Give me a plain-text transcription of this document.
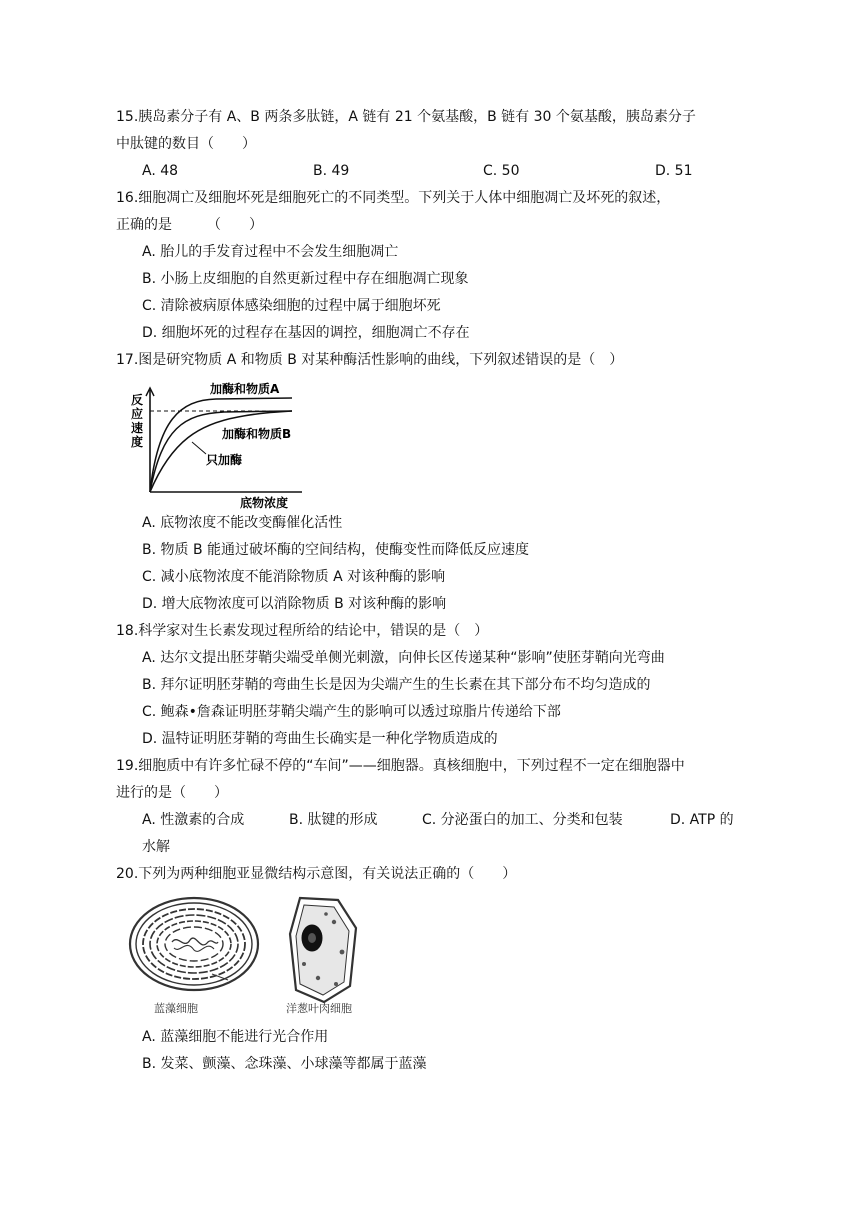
15.胰岛素分子有 A、B 两条多肽链，A 链有 21 个氨基酸，B 链有 30 个氨基酸，胰岛素分子
中肽键的数目（　　）
A. 48	B. 49	C. 50	D. 51
16.细胞凋亡及细胞坏死是细胞死亡的不同类型。下列关于人体中细胞凋亡及坏死的叙述，
正确的是　　　（　　）
A. 胎儿的手发育过程中不会发生细胞凋亡
B. 小肠上皮细胞的自然更新过程中存在细胞凋亡现象
C. 清除被病原体感染细胞的过程中属于细胞坏死
D. 细胞坏死的过程存在基因的调控，细胞凋亡不存在
17.图是研究物质 A 和物质 B 对某种酶活性影响的曲线，下列叙述错误的是（　）
反
应
速
度
加酶和物质A
加酶和物质B
只加酶
底物浓度
A. 底物浓度不能改变酶催化活性
B. 物质 B 能通过破坏酶的空间结构，使酶变性而降低反应速度
C. 减小底物浓度不能消除物质 A 对该种酶的影响
D. 增大底物浓度可以消除物质 B 对该种酶的影响
18.科学家对生长素发现过程所给的结论中，错误的是（　）
A. 达尔文提出胚芽鞘尖端受单侧光刺激，向伸长区传递某种“影响”使胚芽鞘向光弯曲
B. 拜尔证明胚芽鞘的弯曲生长是因为尖端产生的生长素在其下部分布不均匀造成的
C. 鲍森•詹森证明胚芽鞘尖端产生的影响可以透过琼脂片传递给下部
D. 温特证明胚芽鞘的弯曲生长确实是一种化学物质造成的
19.细胞质中有许多忙碌不停的“车间”——细胞器。真核细胞中，下列过程不一定在细胞器中
进行的是（　　）
A. 性激素的合成	B. 肽键的形成	C. 分泌蛋白的加工、分类和包装	D. ATP 的
水解
20.下列为两种细胞亚显微结构示意图，有关说法正确的（　　）
.
蓝藻细胞	洋葱叶肉细胞
A. 蓝藻细胞不能进行光合作用
B. 发菜、颤藻、念珠藻、小球藻等都属于蓝藻
